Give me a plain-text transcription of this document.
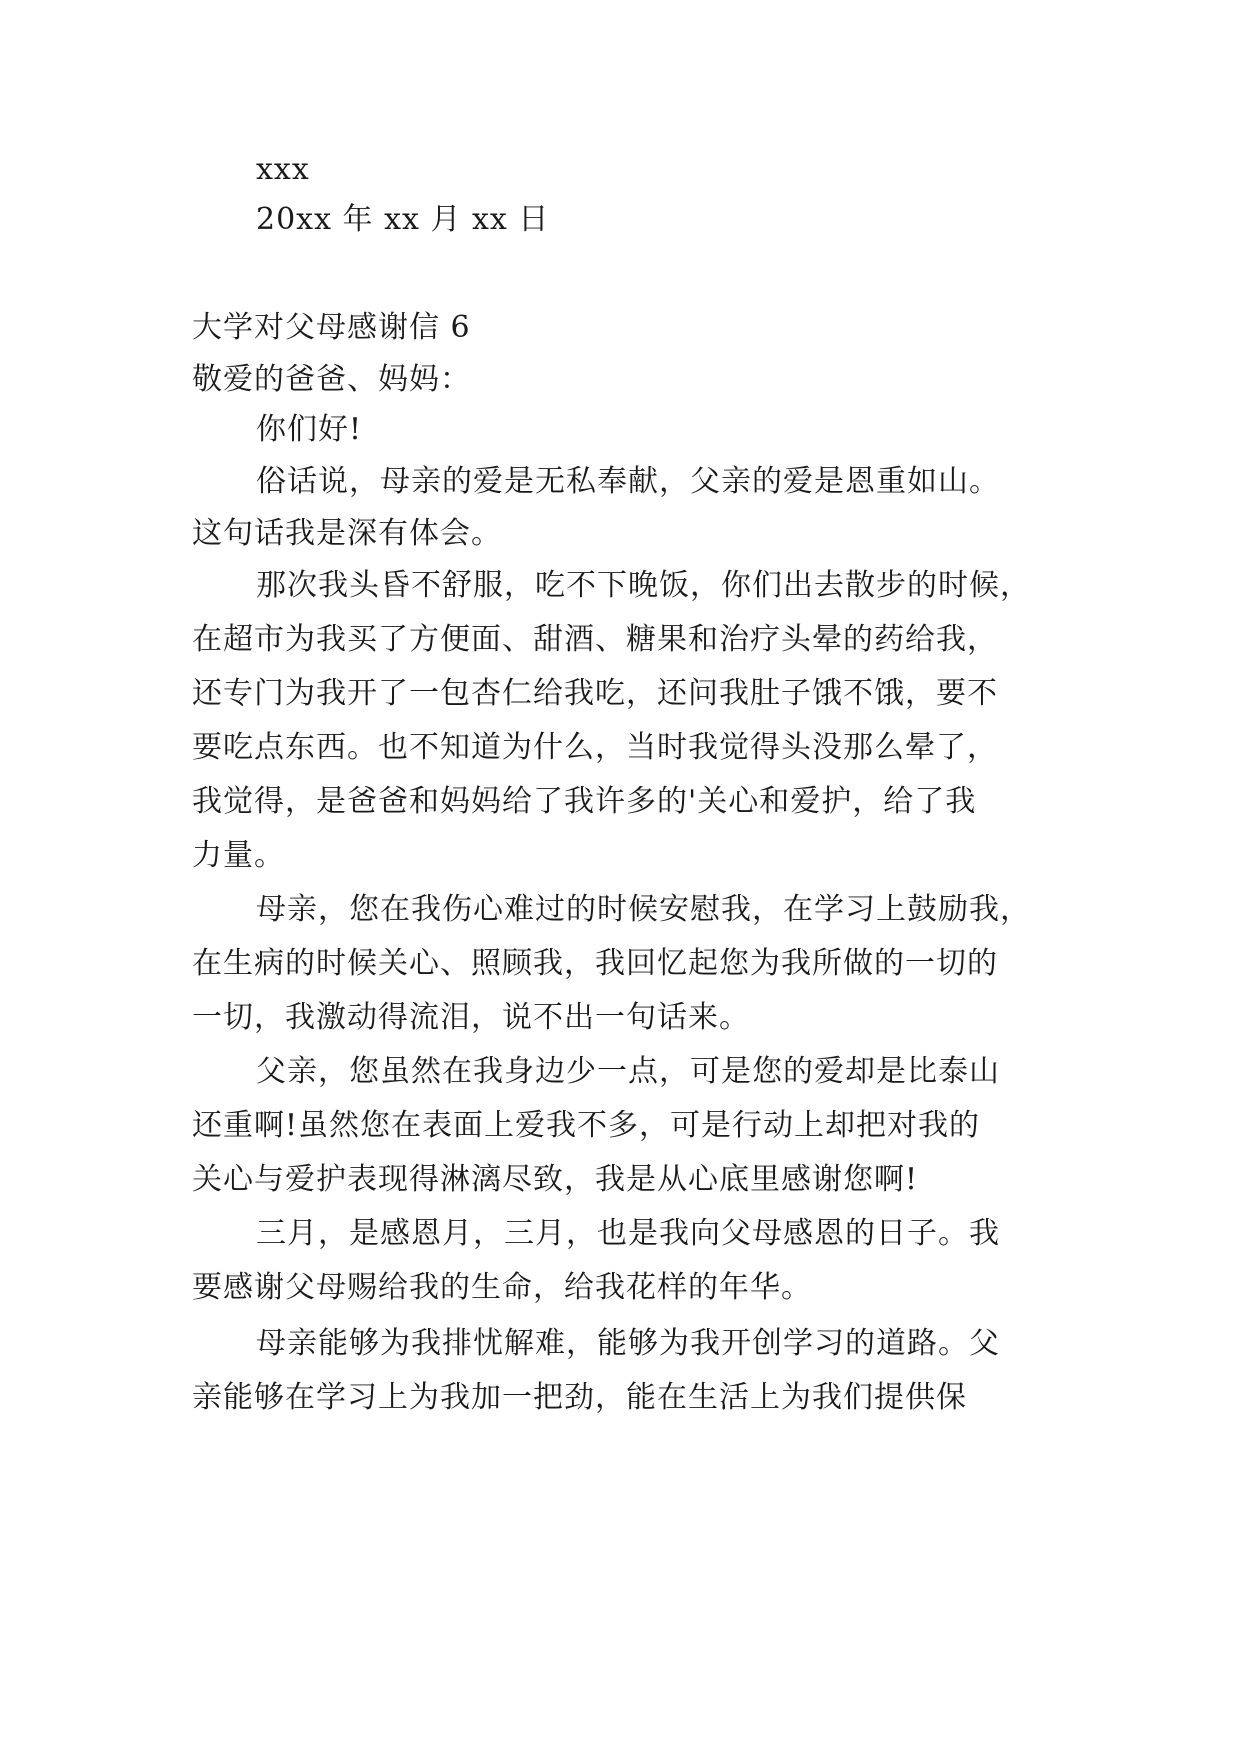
xxx
20xx 年 xx 月 xx 日
大学对父母感谢信 6
敬爱的爸爸、妈妈：
你们好!
俗话说，母亲的爱是无私奉献，父亲的爱是恩重如山。
这句话我是深有体会。
那次我头昏不舒服，吃不下晚饭，你们出去散步的时候，
在超市为我买了方便面、甜酒、糖果和治疗头晕的药给我，
还专门为我开了一包杏仁给我吃，还问我肚子饿不饿，要不
要吃点东西。也不知道为什么，当时我觉得头没那么晕了，
我觉得，是爸爸和妈妈给了我许多的'关心和爱护，给了我
力量。
母亲，您在我伤心难过的时候安慰我，在学习上鼓励我，
在生病的时候关心、照顾我，我回忆起您为我所做的一切的
一切，我激动得流泪，说不出一句话来。
父亲，您虽然在我身边少一点，可是您的爱却是比泰山
还重啊!虽然您在表面上爱我不多，可是行动上却把对我的
关心与爱护表现得淋漓尽致，我是从心底里感谢您啊!
三月，是感恩月，三月，也是我向父母感恩的日子。我
要感谢父母赐给我的生命，给我花样的年华。
母亲能够为我排忧解难，能够为我开创学习的道路。父
亲能够在学习上为我加一把劲，能在生活上为我们提供保
